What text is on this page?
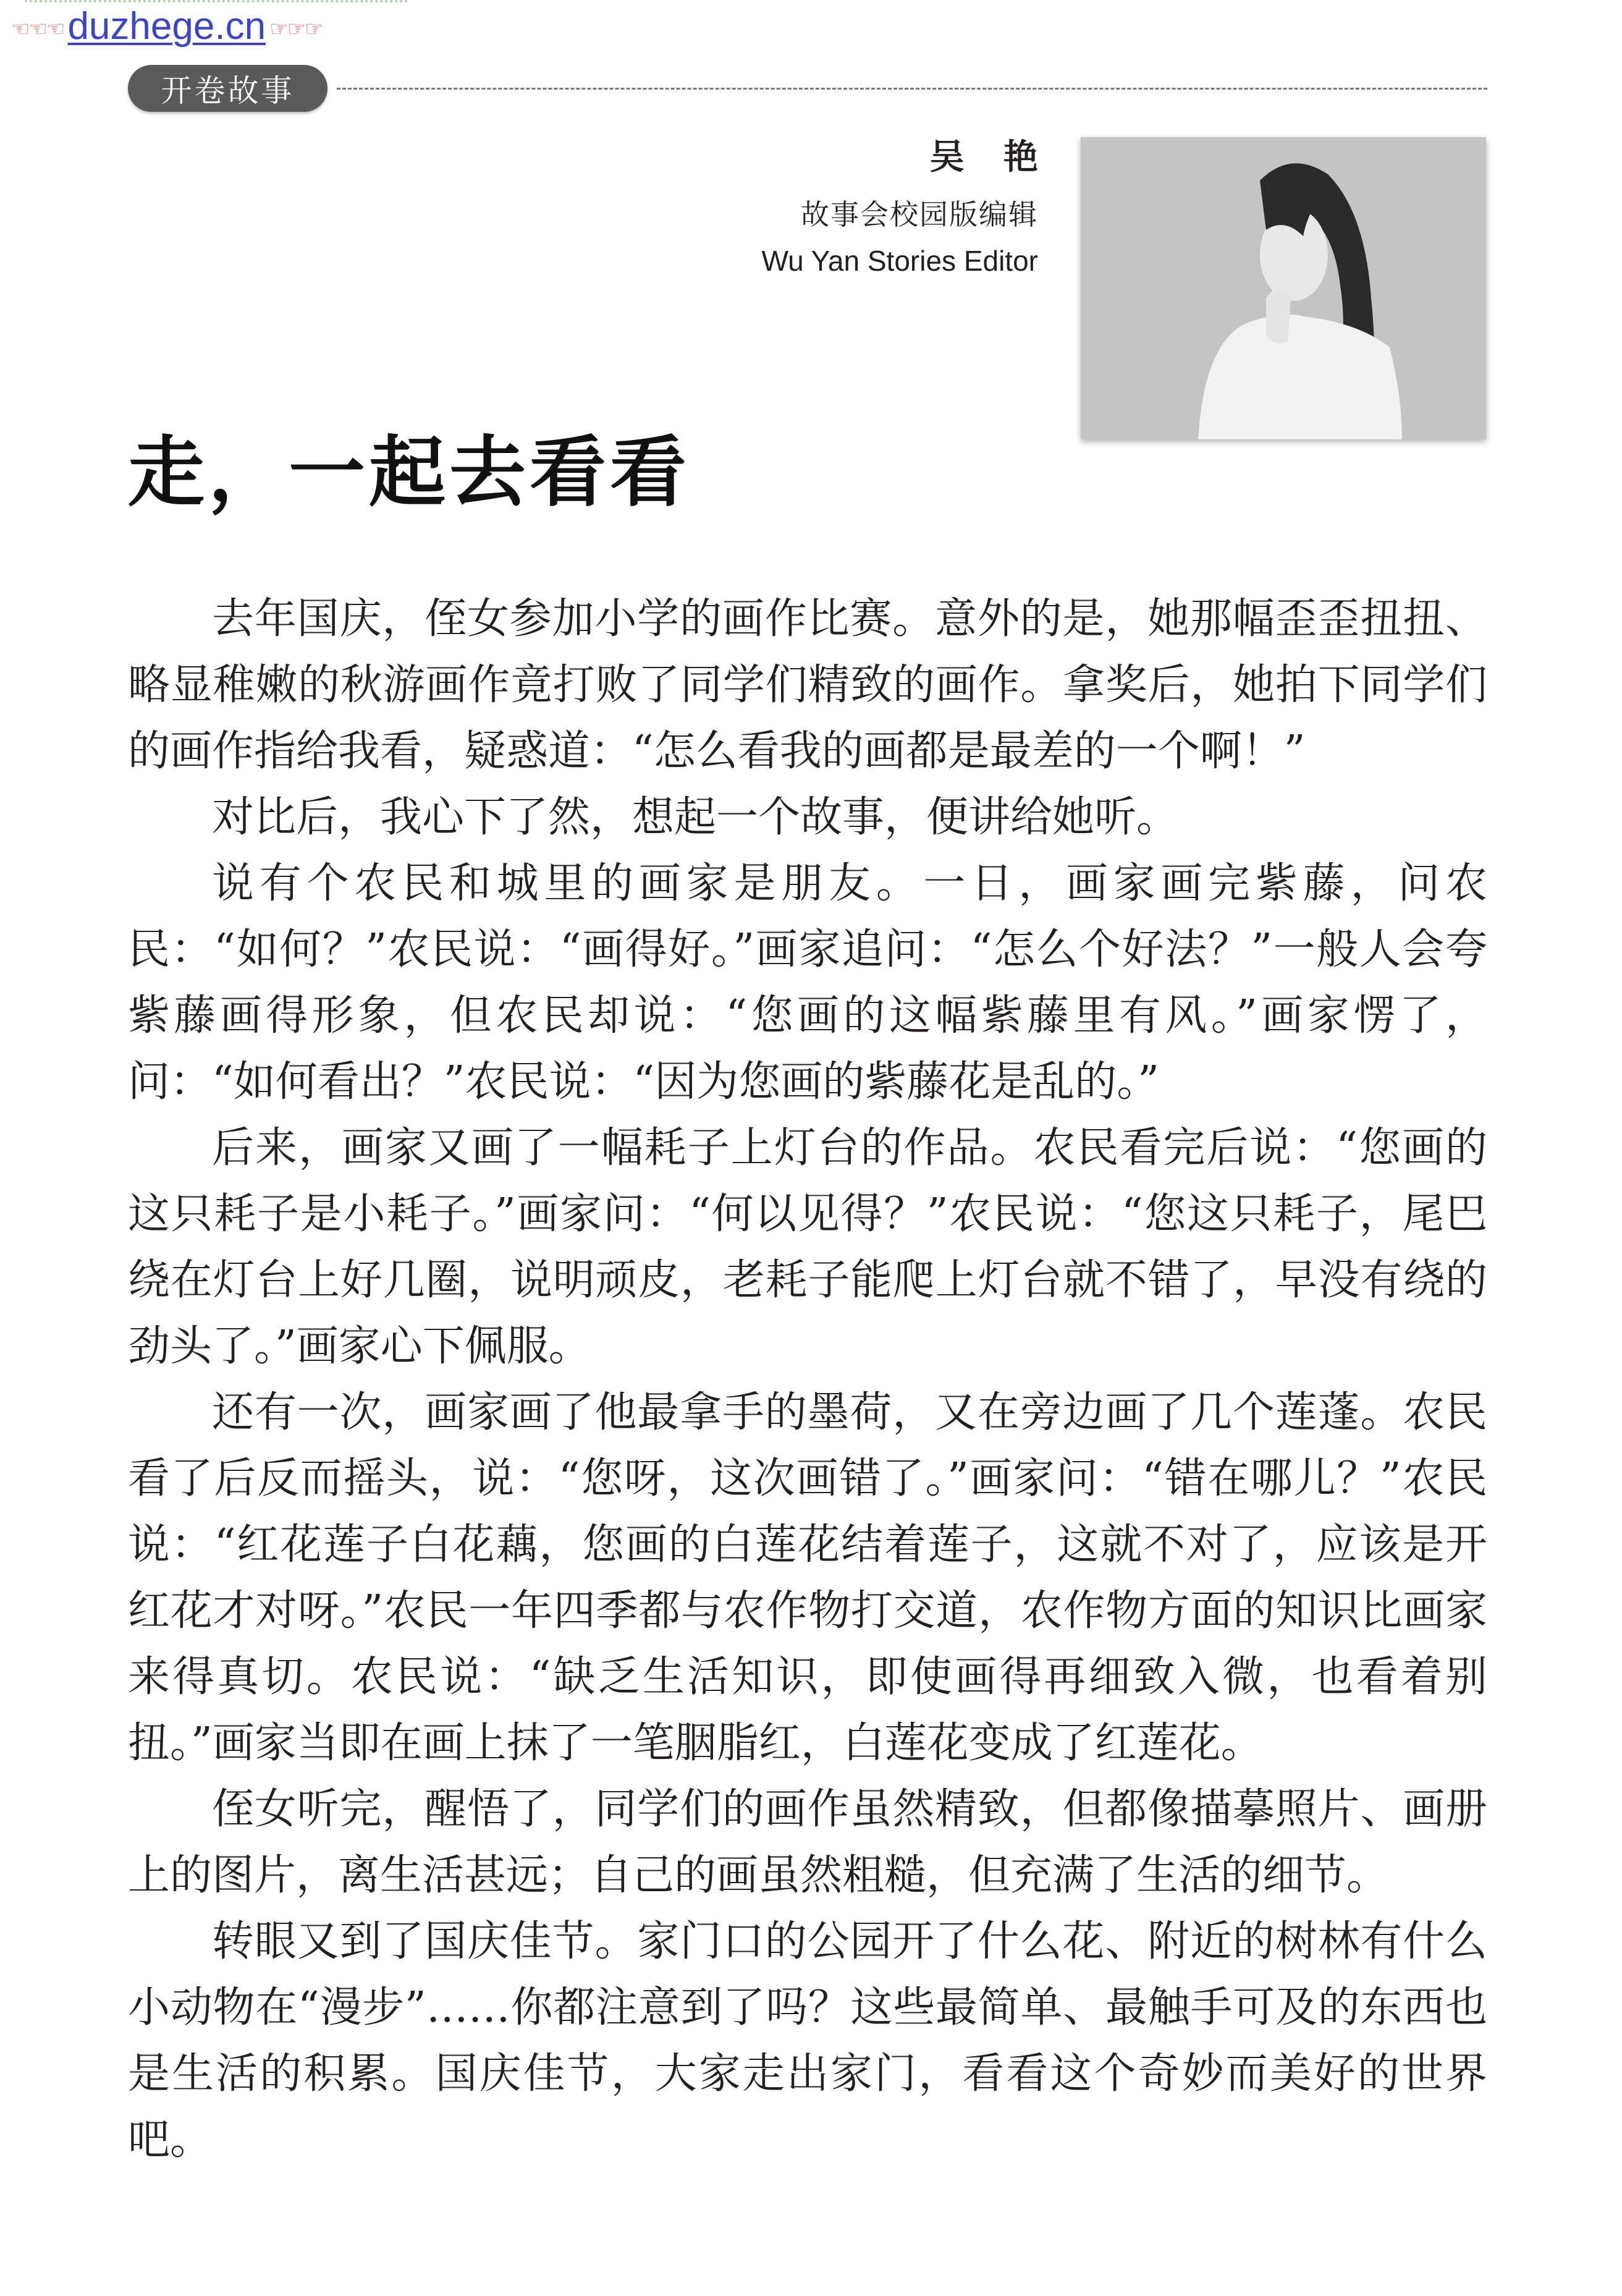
☜☜☜ duzhege.cn ☞☞☞
开卷故事
吴 艳
故事会校园版编辑
Wu Yan Stories Editor
走，一起去看看

去年国庆，侄女参加小学的画作比赛。意外的是，她那幅歪歪扭扭、略显稚嫩的秋游画作竟打败了同学们精致的画作。拿奖后，她拍下同学们的画作指给我看，疑惑道：“怎么看我的画都是最差的一个啊！”

对比后，我心下了然，想起一个故事，便讲给她听。

说有个农民和城里的画家是朋友。一日，画家画完紫藤，问农民：“如何？”农民说：“画得好。”画家追问：“怎么个好法？”一般人会夸紫藤画得形象，但农民却说：“您画的这幅紫藤里有风。”画家愣了，问：“如何看出？”农民说：“因为您画的紫藤花是乱的。”

后来，画家又画了一幅耗子上灯台的作品。农民看完后说：“您画的这只耗子是小耗子。”画家问：“何以见得？”农民说：“您这只耗子，尾巴绕在灯台上好几圈，说明顽皮，老耗子能爬上灯台就不错了，早没有绕的劲头了。”画家心下佩服。

还有一次，画家画了他最拿手的墨荷，又在旁边画了几个莲蓬。农民看了后反而摇头，说：“您呀，这次画错了。”画家问：“错在哪儿？”农民说：“红花莲子白花藕，您画的白莲花结着莲子，这就不对了，应该是开红花才对呀。”农民一年四季都与农作物打交道，农作物方面的知识比画家来得真切。农民说：“缺乏生活知识，即使画得再细致入微，也看着别扭。”画家当即在画上抹了一笔胭脂红，白莲花变成了红莲花。

侄女听完，醒悟了，同学们的画作虽然精致，但都像描摹照片、画册上的图片，离生活甚远；自己的画虽然粗糙，但充满了生活的细节。

转眼又到了国庆佳节。家门口的公园开了什么花、附近的树林有什么小动物在“漫步”……你都注意到了吗？这些最简单、最触手可及的东西也是生活的积累。国庆佳节，大家走出家门，看看这个奇妙而美好的世界吧。
